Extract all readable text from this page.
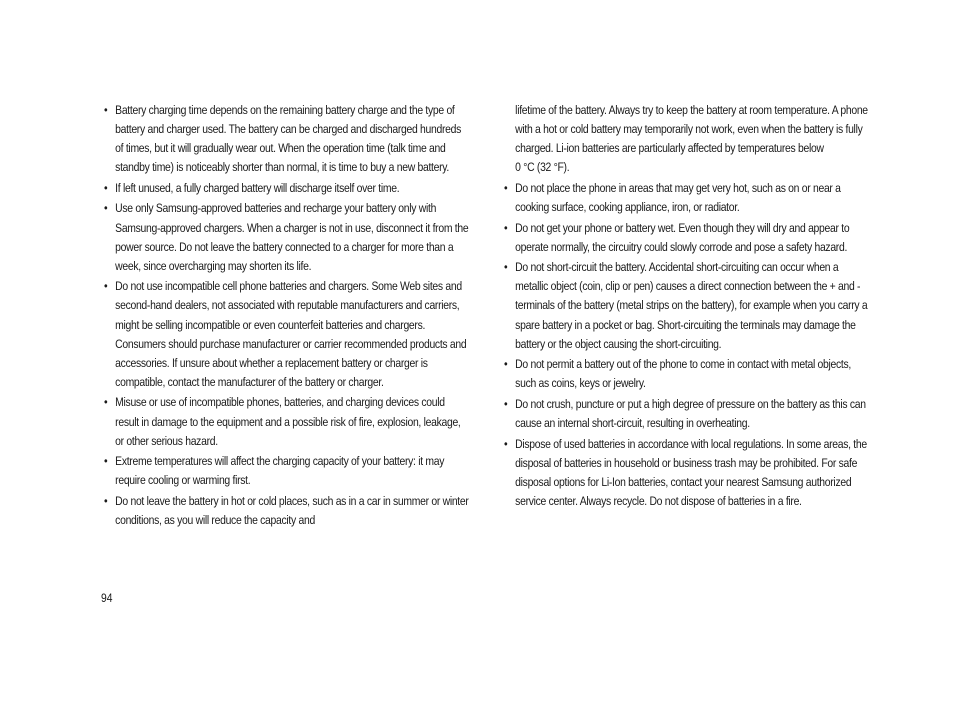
• Battery charging time depends on the remaining battery charge and the type of battery and charger used. The battery can be charged and discharged hundreds of times, but it will gradually wear out. When the operation time (talk time and standby time) is noticeably shorter than normal, it is time to buy a new battery.
• If left unused, a fully charged battery will discharge itself over time.
• Use only Samsung-approved batteries and recharge your battery only with Samsung-approved chargers. When a charger is not in use, disconnect it from the power source. Do not leave the battery connected to a charger for more than a week, since overcharging may shorten its life.
• Do not use incompatible cell phone batteries and chargers. Some Web sites and second-hand dealers, not associated with reputable manufacturers and carriers, might be selling incompatible or even counterfeit batteries and chargers. Consumers should purchase manufacturer or carrier recommended products and accessories. If unsure about whether a replacement battery or charger is compatible, contact the manufacturer of the battery or charger.
• Misuse or use of incompatible phones, batteries, and charging devices could result in damage to the equipment and a possible risk of fire, explosion, leakage, or other serious hazard.
• Extreme temperatures will affect the charging capacity of your battery: it may require cooling or warming first.
• Do not leave the battery in hot or cold places, such as in a car in summer or winter conditions, as you will reduce the capacity and
lifetime of the battery. Always try to keep the battery at room temperature. A phone with a hot or cold battery may temporarily not work, even when the battery is fully charged. Li-ion batteries are particularly affected by temperatures below
0 °C (32 °F).
• Do not place the phone in areas that may get very hot, such as on or near a cooking surface, cooking appliance, iron, or radiator.
• Do not get your phone or battery wet. Even though they will dry and appear to operate normally, the circuitry could slowly corrode and pose a safety hazard.
• Do not short-circuit the battery. Accidental short-circuiting can occur when a metallic object (coin, clip or pen) causes a direct connection between the + and - terminals of the battery (metal strips on the battery), for example when you carry a spare battery in a pocket or bag. Short-circuiting the terminals may damage the battery or the object causing the short-circuiting.
• Do not permit a battery out of the phone to come in contact with metal objects, such as coins, keys or jewelry.
• Do not crush, puncture or put a high degree of pressure on the battery as this can cause an internal short-circuit, resulting in overheating.
• Dispose of used batteries in accordance with local regulations. In some areas, the disposal of batteries in household or business trash may be prohibited. For safe disposal options for Li-Ion batteries, contact your nearest Samsung authorized service center. Always recycle. Do not dispose of batteries in a fire.
94
